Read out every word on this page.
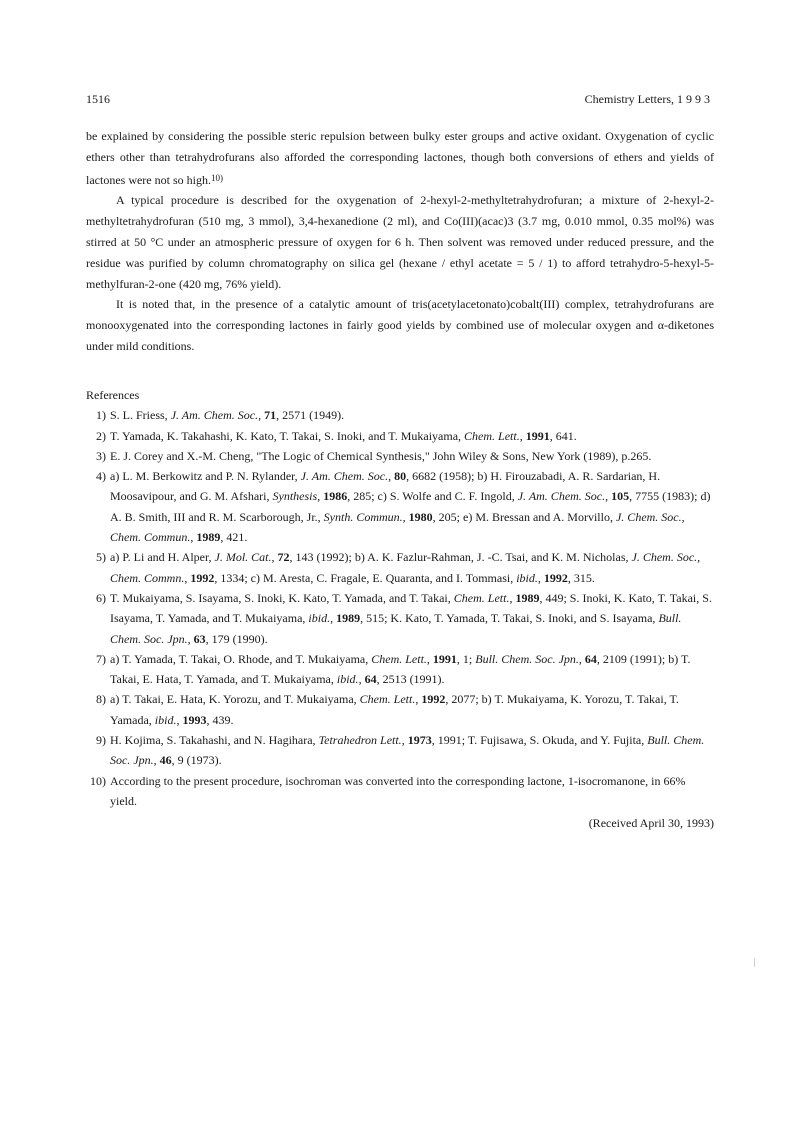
1516	Chemistry Letters, 1 9 9 3

be explained by considering the possible steric repulsion between bulky ester groups and active oxidant. Oxygenation of cyclic ethers other than tetrahydrofurans also afforded the corresponding lactones, though both conversions of ethers and yields of lactones were not so high.$^{10)}$

A typical procedure is described for the oxygenation of 2-hexyl-2-methyltetrahydrofuran; a mixture of 2-hexyl-2-methyltetrahydrofuran (510 mg, 3 mmol), 3,4-hexanedione (2 ml), and Co(III)(acac)3 (3.7 mg, 0.010 mmol, 0.35 mol%) was stirred at 50 °C under an atmospheric pressure of oxygen for 6 h. Then solvent was removed under reduced pressure, and the residue was purified by column chromatography on silica gel (hexane / ethyl acetate = 5 / 1) to afford tetrahydro-5-hexyl-5-methylfuran-2-one (420 mg, 76% yield).

It is noted that, in the presence of a catalytic amount of tris(acetylacetonato)cobalt(III) complex, tetrahydrofurans are monooxygenated into the corresponding lactones in fairly good yields by combined use of molecular oxygen and α-diketones under mild conditions.

References

1) S. L. Friess, J. Am. Chem. Soc., 71, 2571 (1949).
2) T. Yamada, K. Takahashi, K. Kato, T. Takai, S. Inoki, and T. Mukaiyama, Chem. Lett., 1991, 641.
3) E. J. Corey and X.-M. Cheng, "The Logic of Chemical Synthesis," John Wiley & Sons, New York (1989), p.265.
4) a) L. M. Berkowitz and P. N. Rylander, J. Am. Chem. Soc., 80, 6682 (1958); b) H. Firouzabadi, A. R. Sardarian, H. Moosavipour, and G. M. Afshari, Synthesis, 1986, 285; c) S. Wolfe and C. F. Ingold, J. Am. Chem. Soc., 105, 7755 (1983); d) A. B. Smith, III and R. M. Scarborough, Jr., Synth. Commun., 1980, 205; e) M. Bressan and A. Morvillo, J. Chem. Soc., Chem. Commun., 1989, 421.
5) a) P. Li and H. Alper, J. Mol. Cat., 72, 143 (1992); b) A. K. Fazlur-Rahman, J. -C. Tsai, and K. M. Nicholas, J. Chem. Soc., Chem. Commn., 1992, 1334; c) M. Aresta, C. Fragale, E. Quaranta, and I. Tommasi, ibid., 1992, 315.
6) T. Mukaiyama, S. Isayama, S. Inoki, K. Kato, T. Yamada, and T. Takai, Chem. Lett., 1989, 449; S. Inoki, K. Kato, T. Takai, S. Isayama, T. Yamada, and T. Mukaiyama, ibid., 1989, 515; K. Kato, T. Yamada, T. Takai, S. Inoki, and S. Isayama, Bull. Chem. Soc. Jpn., 63, 179 (1990).
7) a) T. Yamada, T. Takai, O. Rhode, and T. Mukaiyama, Chem. Lett., 1991, 1; Bull. Chem. Soc. Jpn., 64, 2109 (1991); b) T. Takai, E. Hata, T. Yamada, and T. Mukaiyama, ibid., 64, 2513 (1991).
8) a) T. Takai, E. Hata, K. Yorozu, and T. Mukaiyama, Chem. Lett., 1992, 2077; b) T. Mukaiyama, K. Yorozu, T. Takai, T. Yamada, ibid., 1993, 439.
9) H. Kojima, S. Takahashi, and N. Hagihara, Tetrahedron Lett., 1973, 1991; T. Fujisawa, S. Okuda, and Y. Fujita, Bull. Chem. Soc. Jpn., 46, 9 (1973).
10) According to the present procedure, isochroman was converted into the corresponding lactone, 1-isocromanone, in 66% yield.
(Received April 30, 1993)
